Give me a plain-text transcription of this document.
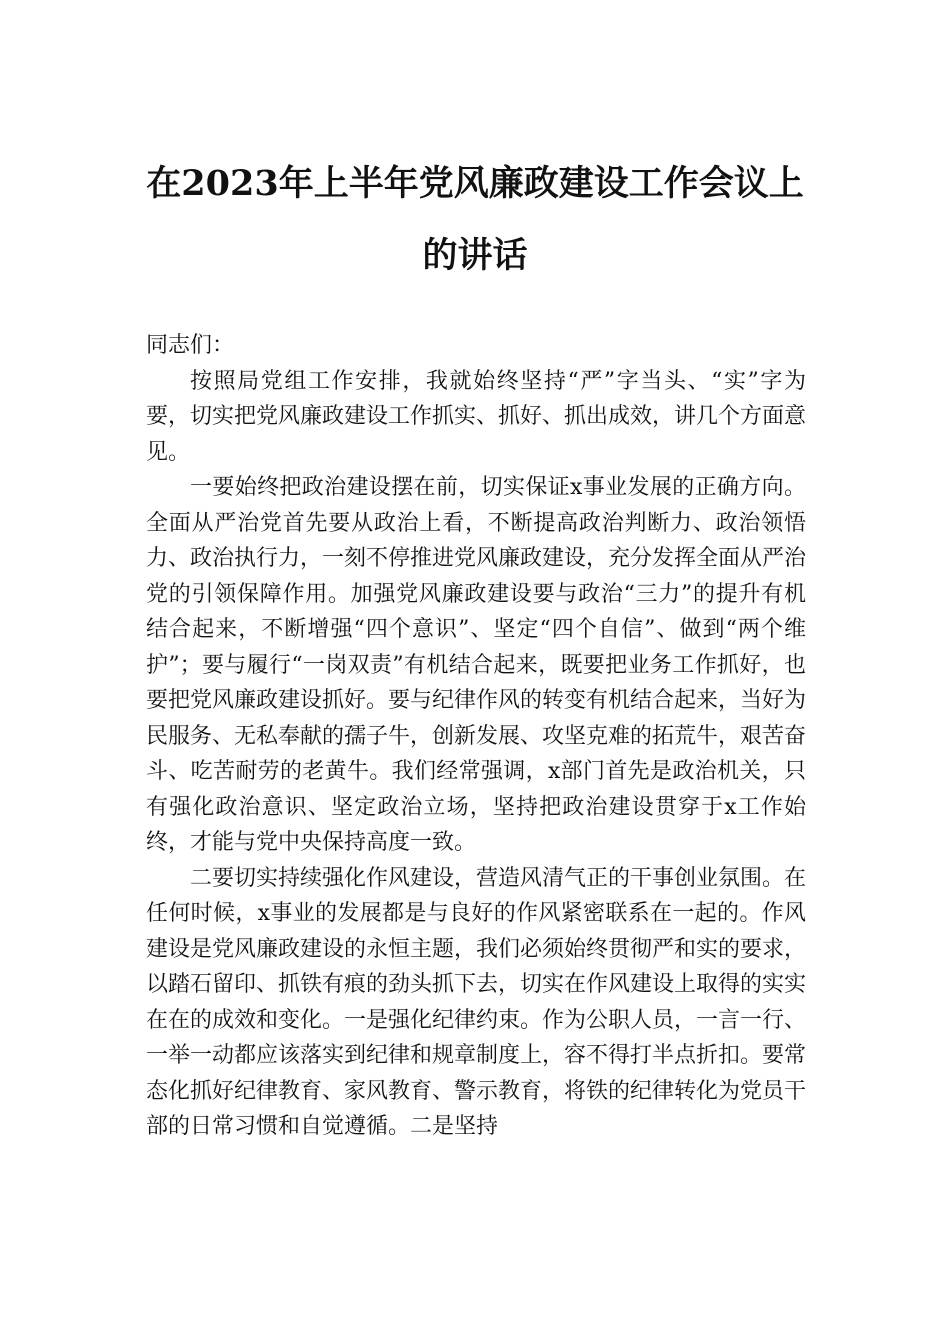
在2023年上半年党风廉政建设工作会议上
的讲话

同志们：

按照局党组工作安排，我就始终坚持“严”字当头、“实”字为要，切实把党风廉政建设工作抓实、抓好、抓出成效，讲几个方面意见。

一要始终把政治建设摆在前，切实保证x事业发展的正确方向。全面从严治党首先要从政治上看，不断提高政治判断力、政治领悟力、政治执行力，一刻不停推进党风廉政建设，充分发挥全面从严治党的引领保障作用。加强党风廉政建设要与政治“三力”的提升有机结合起来，不断增强“四个意识”、坚定“四个自信”、做到“两个维护”；要与履行“一岗双责”有机结合起来，既要把业务工作抓好，也要把党风廉政建设抓好。要与纪律作风的转变有机结合起来，当好为民服务、无私奉献的孺子牛，创新发展、攻坚克难的拓荒牛，艰苦奋斗、吃苦耐劳的老黄牛。我们经常强调，x部门首先是政治机关，只有强化政治意识、坚定政治立场，坚持把政治建设贯穿于x工作始终，才能与党中央保持高度一致。

二要切实持续强化作风建设，营造风清气正的干事创业氛围。在任何时候，x事业的发展都是与良好的作风紧密联系在一起的。作风建设是党风廉政建设的永恒主题，我们必须始终贯彻严和实的要求，以踏石留印、抓铁有痕的劲头抓下去，切实在作风建设上取得的实实在在的成效和变化。一是强化纪律约束。作为公职人员，一言一行、一举一动都应该落实到纪律和规章制度上，容不得打半点折扣。要常态化抓好纪律教育、家风教育、警示教育，将铁的纪律转化为党员干部的日常习惯和自觉遵循。二是坚持
